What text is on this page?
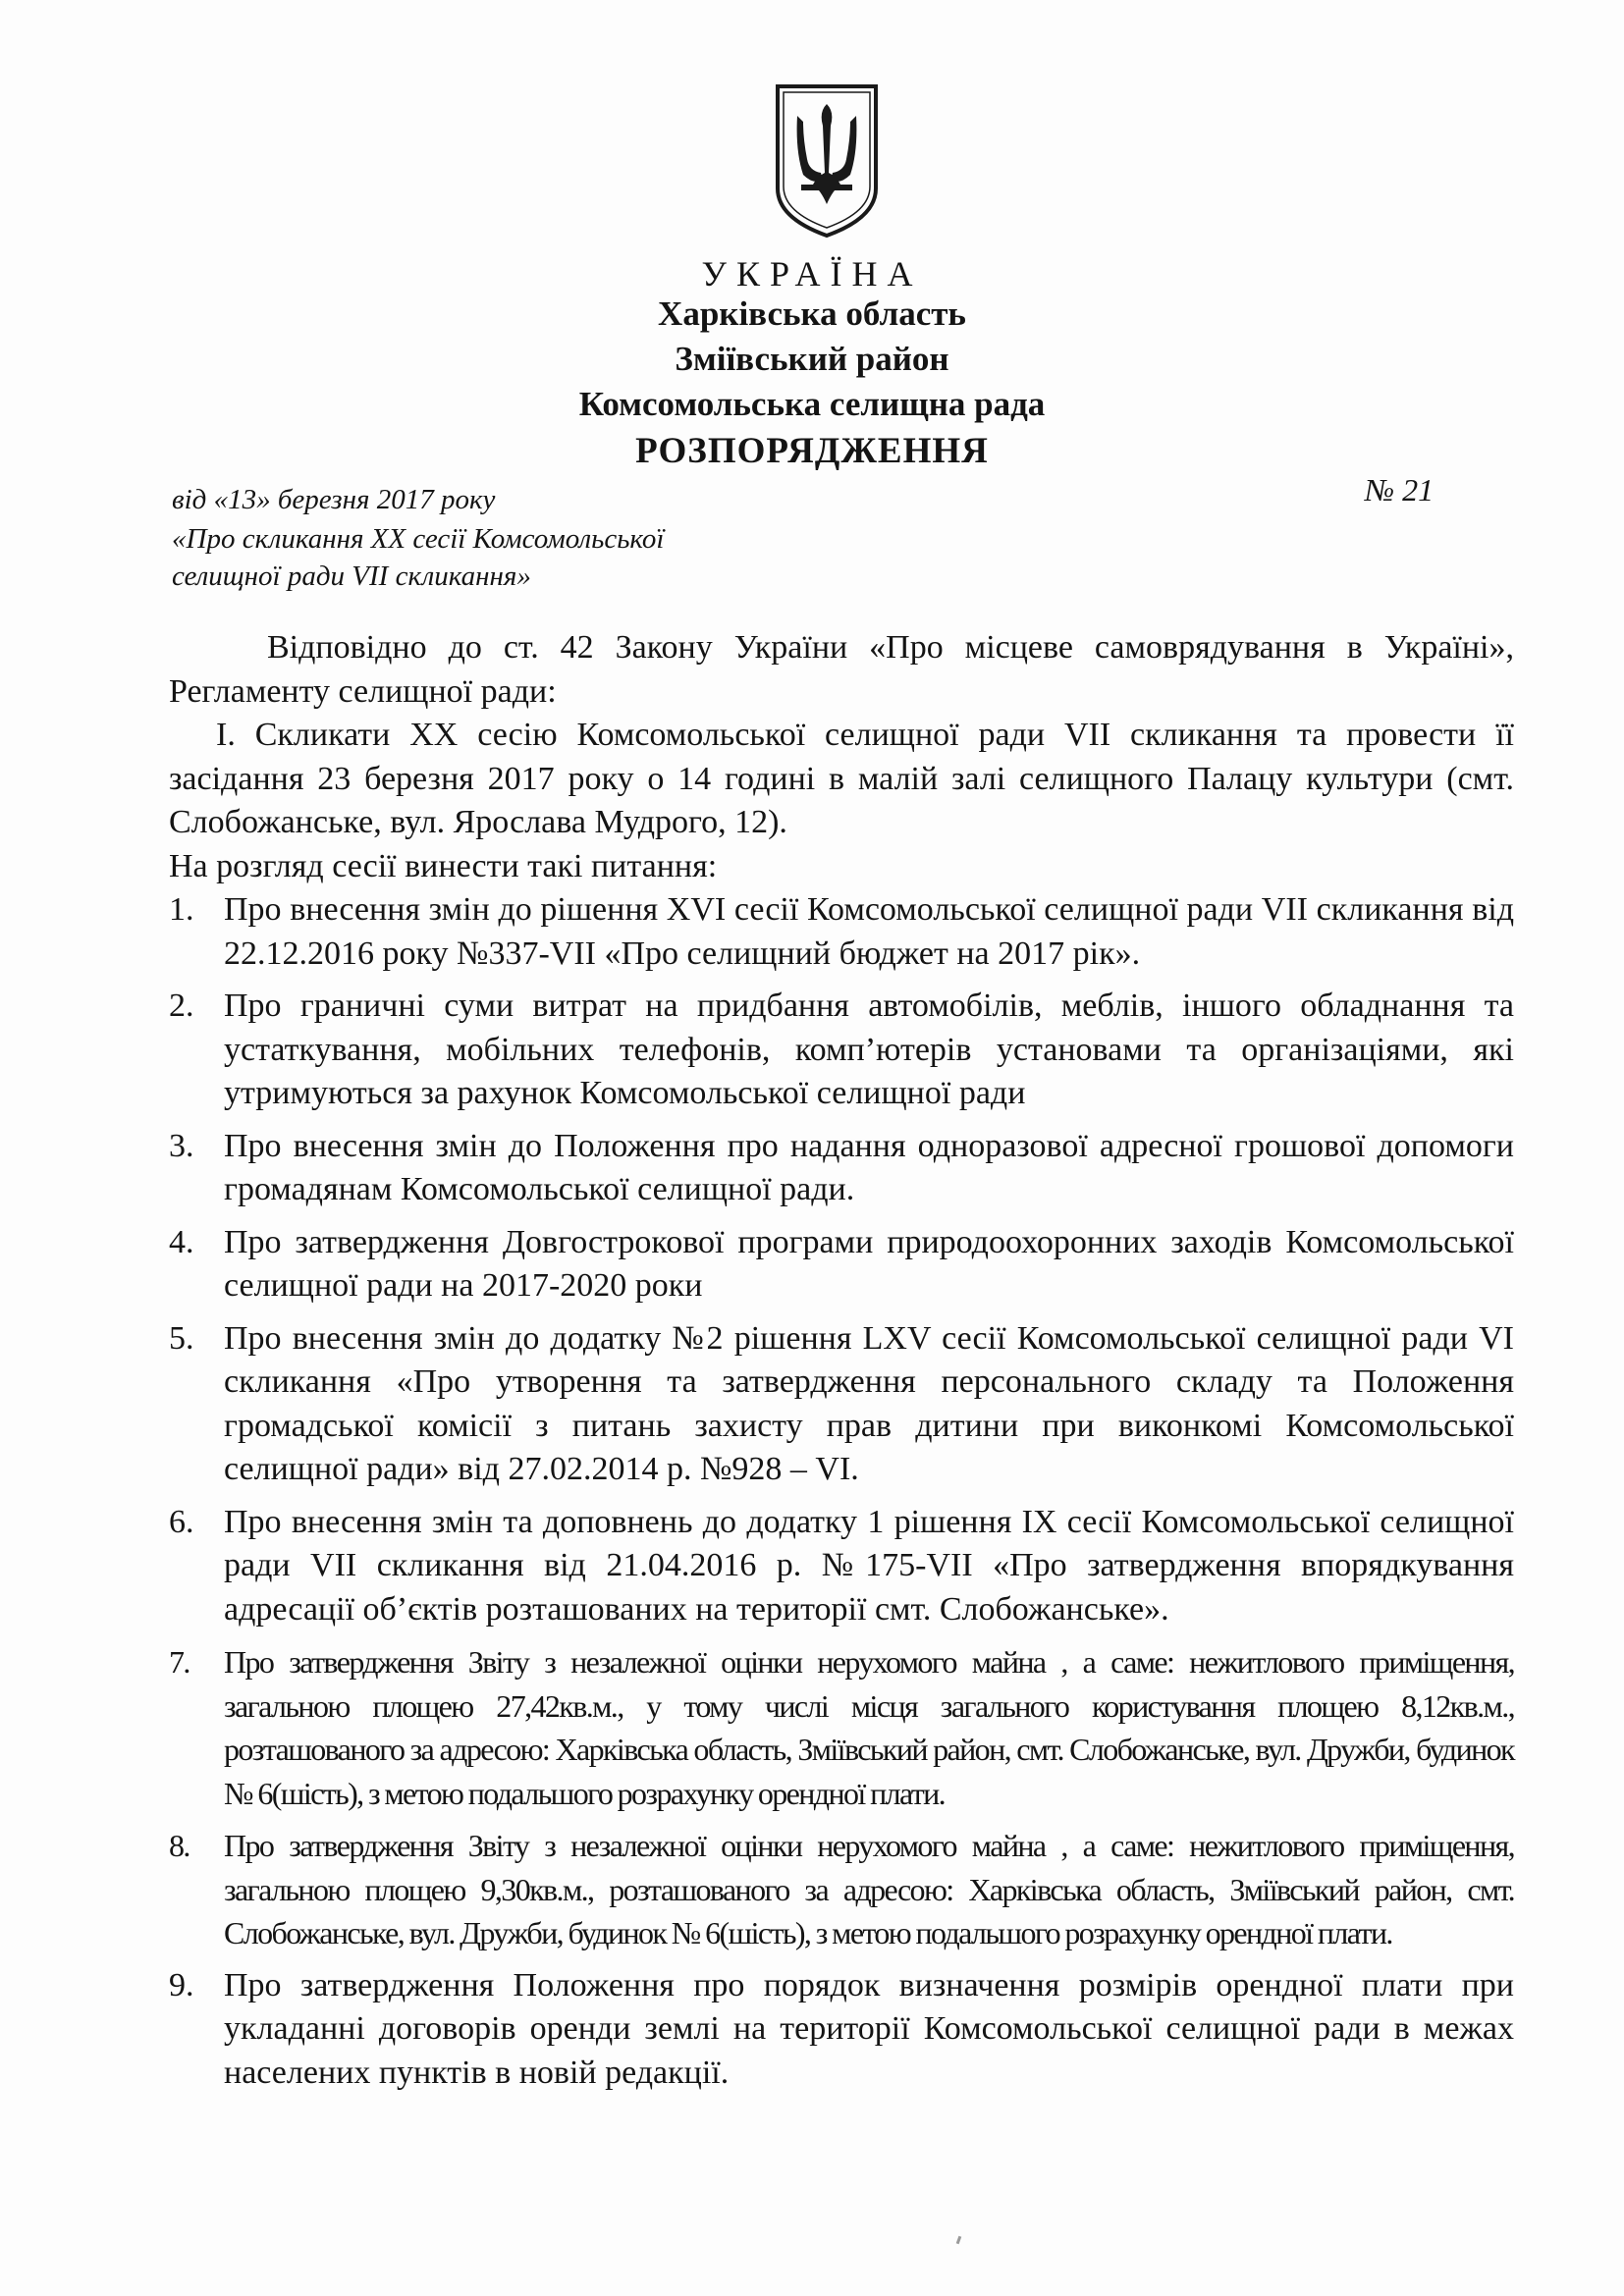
УКРАЇНА
Харківська область
Зміївський район
Комсомольська селищна рада
РОЗПОРЯДЖЕННЯ

від «13» березня 2017 року	№ 21

«Про скликання ХХ сесії Комсомольської
селищної ради VІІ скликання»

Відповідно до ст. 42 Закону України «Про місцеве самоврядування в Україні», Регламенту селищної ради:

І. Скликати ХХ сесію Комсомольської селищної ради VІІ скликання та провести її засідання 23 березня 2017 року о 14 годині в малій залі селищного Палацу культури (смт. Слобожанське, вул. Ярослава Мудрого, 12).

На розгляд сесії винести такі питання:

1. Про внесення змін до рішення XVІ сесії Комсомольської селищної ради VІІ скликання від 22.12.2016 року №337-VІІ «Про селищний бюджет на 2017 рік».
2. Про граничні суми витрат на придбання автомобілів, меблів, іншого обладнання та устаткування, мобільних телефонів, комп’ютерів установами та організаціями, які утримуються за рахунок Комсомольської селищної ради
3. Про внесення змін до Положення про надання одноразової адресної грошової допомоги громадянам Комсомольської селищної ради.
4. Про затвердження Довгострокової програми природоохоронних заходів Комсомольської селищної ради на 2017-2020 роки
5. Про внесення змін до додатку №2 рішення LXV сесії Комсомольської селищної ради VІ скликання «Про утворення та затвердження персонального складу та Положення громадської комісії з питань захисту прав дитини при виконкомі Комсомольської селищної ради» від 27.02.2014 р. №928 – VІ.
6. Про внесення змін та доповнень до додатку 1 рішення ІХ сесії Комсомольської селищної ради VІІ скликання від 21.04.2016 р. №175-VІІ «Про затвердження впорядкування адресації об’єктів розташованих на території смт. Слобожанське».
7. Про затвердження Звіту з незалежної оцінки нерухомого майна , а саме: нежитлового приміщення, загальною площею 27,42кв.м., у тому числі місця загального користування площею 8,12кв.м., розташованого за адресою: Харківська область, Зміївський район, смт. Слобожанське, вул. Дружби, будинок № 6(шість), з метою подальшого розрахунку орендної плати.
8. Про затвердження Звіту з незалежної оцінки нерухомого майна , а саме: нежитлового приміщення, загальною площею 9,30кв.м., розташованого за адресою: Харківська область, Зміївський район, смт. Слобожанське, вул. Дружби, будинок № 6(шість), з метою подальшого розрахунку орендної плати.
9. Про затвердження Положення про порядок визначення розмірів орендної плати при укладанні договорів оренди землі на території Комсомольської селищної ради в межах населених пунктів в новій редакції.
